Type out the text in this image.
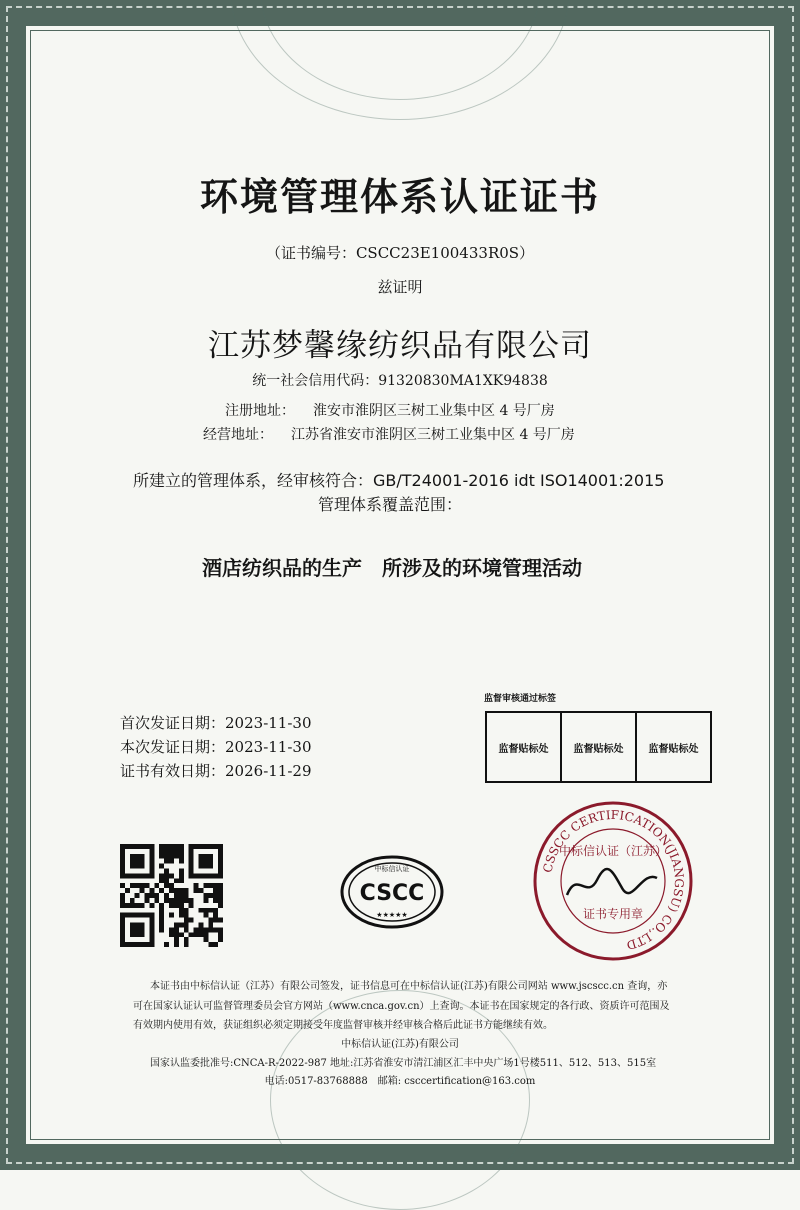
环境管理体系认证证书
（证书编号：CSCC23E100433R0S）
兹证明
江苏梦馨缘纺织品有限公司
统一社会信用代码：91320830MA1XK94838
注册地址： 淮安市淮阴区三树工业集中区 4 号厂房
经营地址： 江苏省淮安市淮阴区三树工业集中区 4 号厂房
所建立的管理体系，经审核符合：GB/T24001-2016 idt ISO14001:2015
管理体系覆盖范围：
酒店纺织品的生产　所涉及的环境管理活动
首次发证日期：2023-11-30
本次发证日期：2023-11-30
证书有效日期：2026-11-29
监督审核通过标签
监督贴标处	监督贴标处	监督贴标处
中标信认证
CSCC
★★★★★
CSSCC CERTIFICATION(JIANGSU) CO.,LTD
中标信认证（江苏）
证书专用章
本证书由中标信认证（江苏）有限公司签发，证书信息可在中标信认证(江苏)有限公司网站 www.jscscc.cn 查询，亦
可在国家认证认可监督管理委员会官方网站（www.cnca.gov.cn）上查询。本证书在国家规定的各行政、资质许可范围及
有效期内使用有效，获证组织必须定期接受年度监督审核并经审核合格后此证书方能继续有效。
中标信认证(江苏)有限公司
国家认监委批准号:CNCA-R-2022-987 地址:江苏省淮安市清江浦区汇丰中央广场1号楼511、512、513、515室
电话:0517-83768888　邮箱: csccertification@163.com
